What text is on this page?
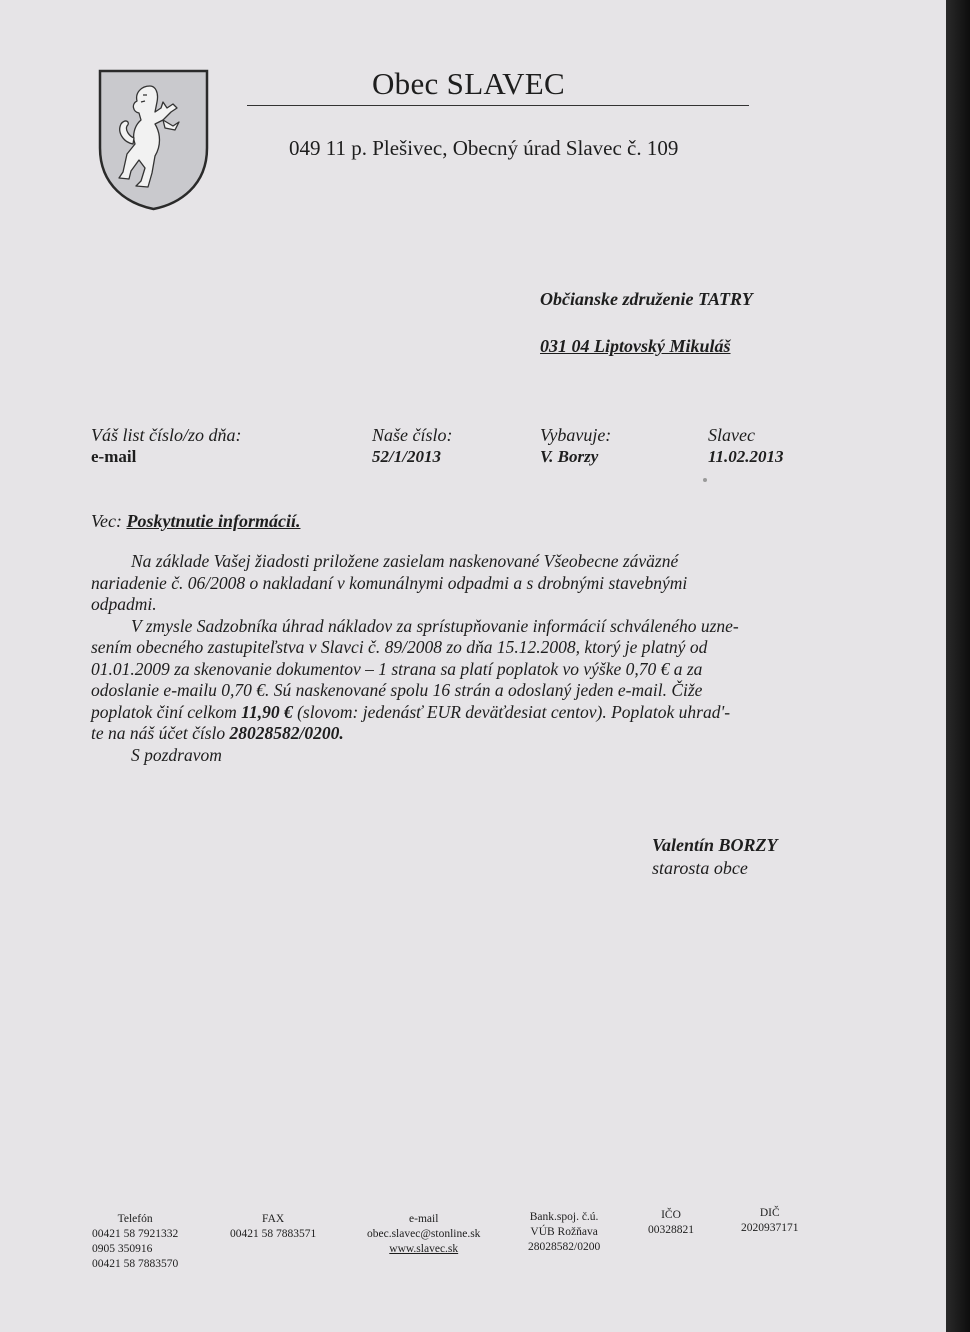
Obec SLAVEC
049 11 p. Plešivec, Obecný úrad Slavec č. 109
Občianske združenie TATRY
031 04 Liptovský Mikuláš
Váš list číslo/zo dňa:
e-mail
Naše číslo:
52/1/2013
Vybavuje:
V. Borzy
Slavec
11.02.2013
Vec: Poskytnutie informácií.

Na základe Vašej žiadosti priložene zasielam naskenované Všeobecne záväzné

nariadenie č. 06/2008 o nakladaní v komunálnymi odpadmi a s drobnými stavebnými

odpadmi.

V zmysle Sadzobníka úhrad nákladov za sprístupňovanie informácií schváleného uzne-

sením obecného zastupiteľstva v Slavci č. 89/2008 zo dňa 15.12.2008, ktorý je platný od

01.01.2009 za skenovanie dokumentov – 1 strana sa platí poplatok vo výške 0,70 € a za

odoslanie e-mailu 0,70 €. Sú naskenované spolu 16 strán a odoslaný jeden e-mail. Čiže

poplatok činí celkom 11,90 € (slovom: jedenásť EUR deväťdesiat centov). Poplatok uhrad'-

te na náš účet číslo 28028582/0200.

S pozdravom

Valentín BORZY
starosta obce
Telefón
00421 58 7921332
0905 350916
00421 58 7883570
FAX
00421 58 7883571
e-mail
obec.slavec@stonline.sk
www.slavec.sk
Bank.spoj. č.ú.
VÚB Rožňava
28028582/0200
IČO
00328821
DIČ
2020937171
